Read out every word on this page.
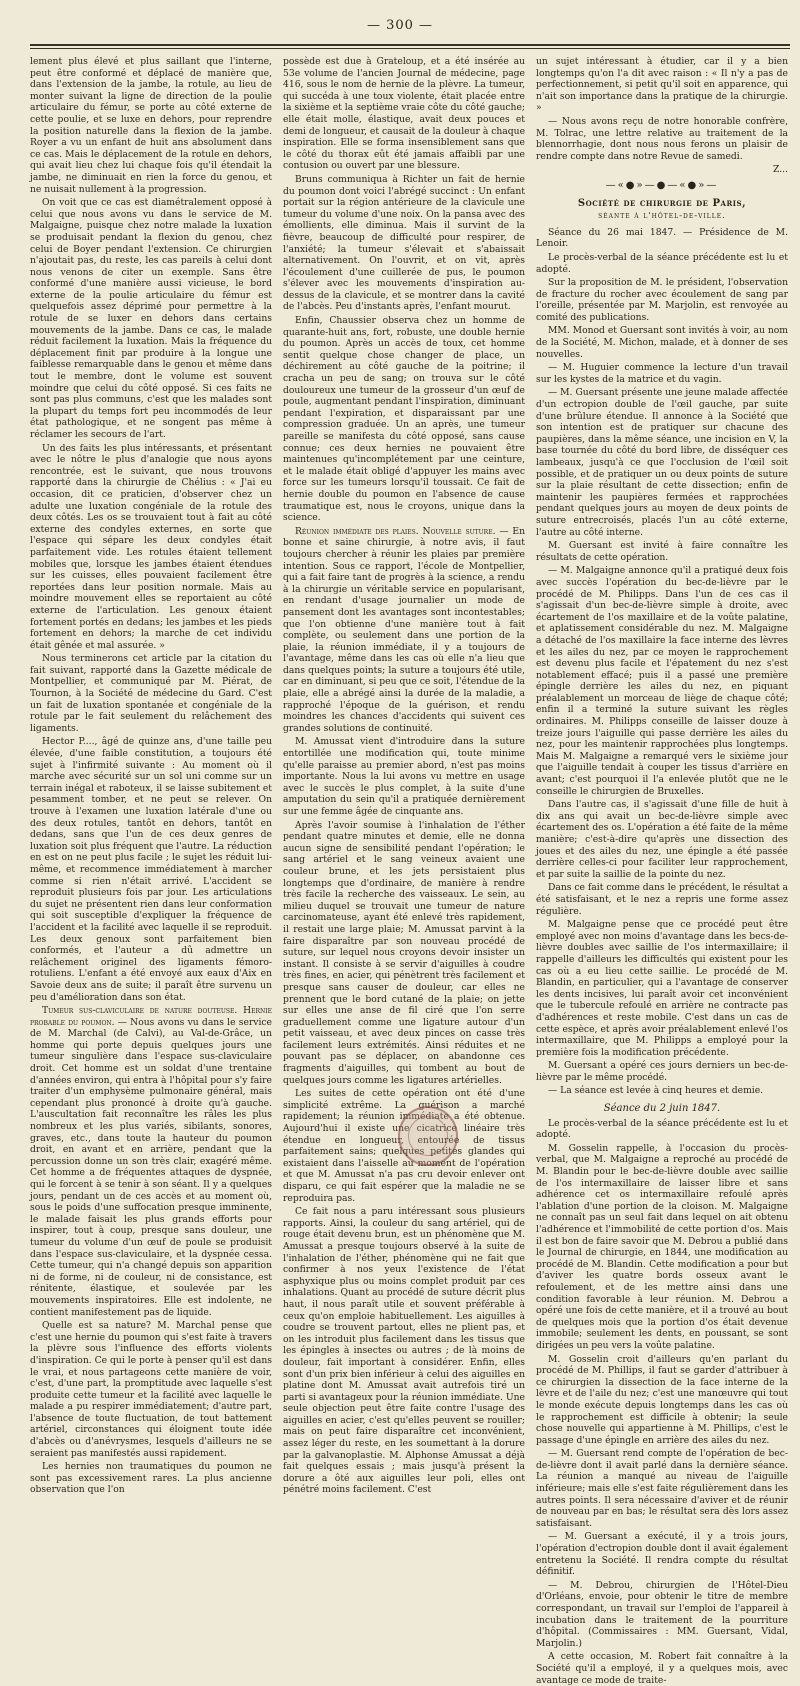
— 300 —

lement plus élevé et plus saillant que l'interne, peut être conformé et déplacé de manière que, dans l'extension de la jambe, la rotule, au lieu de monter suivant la ligne de direction de la poulie articulaire du fémur, se porte au côté externe de cette poulie, et se luxe en dehors, pour reprendre la position naturelle dans la flexion de la jambe. Royer a vu un enfant de huit ans absolument dans ce cas. Mais le déplacement de la rotule en dehors, qui avait lieu chez lui chaque fois qu'il étendait la jambe, ne diminuait en rien la force du genou, et ne nuisait nullement à la progression.

On voit que ce cas est diamétralement opposé à celui que nous avons vu dans le service de M. Malgaigne, puisque chez notre malade la luxation se produisait pendant la flexion du genou, chez celui de Boyer pendant l'extension. Ce chirurgien n'ajoutait pas, du reste, les cas pareils à celui dont nous venons de citer un exemple. Sans être conformé d'une manière aussi vicieuse, le bord externe de la poulie articulaire du fémur est quelquefois assez déprimé pour permettre à la rotule de se luxer en dehors dans certains mouvements de la jambe. Dans ce cas, le malade réduit facilement la luxation. Mais la fréquence du déplacement finit par produire à la longue une faiblesse remarquable dans le genou et même dans tout le membre, dont le volume est souvent moindre que celui du côté opposé. Si ces faits ne sont pas plus communs, c'est que les malades sont la plupart du temps fort peu incommodés de leur état pathologique, et ne songent pas même à réclamer les secours de l'art.

Un des faits les plus intéressants, et présentant avec le nôtre le plus d'analogie que nous ayons rencontrée, est le suivant, que nous trouvons rapporté dans la chirurgie de Chélius : « J'ai eu occasion, dit ce praticien, d'observer chez un adulte une luxation congéniale de la rotule des deux côtés. Les os se trouvaient tout à fait au côté externe des condyles externes, en sorte que l'espace qui sépare les deux condyles était parfaitement vide. Les rotules étaient tellement mobiles que, lorsque les jambes étaient étendues sur les cuisses, elles pouvaient facilement être reportées dans leur position normale. Mais au moindre mouvement elles se reportaient au côté externe de l'articulation. Les genoux étaient fortement portés en dedans; les jambes et les pieds fortement en dehors; la marche de cet individu était gênée et mal assurée. »

Nous terminerons cet article par la citation du fait suivant, rapporté dans la Gazette médicale de Montpellier, et communiqué par M. Piérat, de Tournon, à la Société de médecine du Gard. C'est un fait de luxation spontanée et congéniale de la rotule par le fait seulement du relâchement des ligaments.

Hector P...., âgé de quinze ans, d'une taille peu élevée, d'une faible constitution, a toujours été sujet à l'infirmité suivante : Au moment où il marche avec sécurité sur un sol uni comme sur un terrain inégal et raboteux, il se laisse subitement et pesamment tomber, et ne peut se relever. On trouve à l'examen une luxation latérale d'une ou des deux rotules, tantôt en dehors, tantôt en dedans, sans que l'un de ces deux genres de luxation soit plus fréquent que l'autre. La réduction en est on ne peut plus facile ; le sujet les réduit lui-même, et recommence immédiatement à marcher comme si rien n'était arrivé. L'accident se reproduit plusieurs fois par jour. Les articulations du sujet ne présentent rien dans leur conformation qui soit susceptible d'expliquer la fréquence de l'accident et la facilité avec laquelle il se reproduit. Les deux genoux sont parfaitement bien conformés, et l'auteur a dû admettre un relâchement originel des ligaments fémoro-rotuliens. L'enfant a été envoyé aux eaux d'Aix en Savoie deux ans de suite; il paraît être survenu un peu d'amélioration dans son état.

Tumeur sus-claviculaire de nature douteuse. Hernie probable du poumon. — Nous avons vu dans le service de M. Marchal (de Calvi), au Val-de-Grâce, un homme qui porte depuis quelques jours une tumeur singulière dans l'espace sus-claviculaire droit. Cet homme est un soldat d'une trentaine d'années environ, qui entra à l'hôpital pour s'y faire traiter d'un emphysème pulmonaire général, mais cependant plus prononcé à droite qu'à gauche. L'auscultation fait reconnaître les râles les plus nombreux et les plus variés, sibilants, sonores, graves, etc., dans toute la hauteur du poumon droit, en avant et en arrière, pendant que la percussion donne un son très clair, exagéré même. Cet homme a de fréquentes attaques de dyspnée, qui le forcent à se tenir à son séant. Il y a quelques jours, pendant un de ces accès et au moment où, sous le poids d'une suffocation presque imminente, le malade faisait les plus grands efforts pour inspirer, tout à coup, presque sans douleur, une tumeur du volume d'un œuf de poule se produisit dans l'espace sus-claviculaire, et la dyspnée cessa. Cette tumeur, qui n'a changé depuis son apparition ni de forme, ni de couleur, ni de consistance, est rénitente, élastique, et soulevée par les mouvements inspiratoires. Elle est indolente, ne contient manifestement pas de liquide.

Quelle est sa nature? M. Marchal pense que c'est une hernie du poumon qui s'est faite à travers la plèvre sous l'influence des efforts violents d'inspiration. Ce qui le porte à penser qu'il est dans le vrai, et nous partageons cette manière de voir, c'est, d'une part, la promptitude avec laquelle s'est produite cette tumeur et la facilité avec laquelle le malade a pu respirer immédiatement; d'autre part, l'absence de toute fluctuation, de tout battement artériel, circonstances qui éloignent toute idée d'abcès ou d'anévrysmes, lesquels d'ailleurs ne se seraient pas manifestés aussi rapidement.

Les hernies non traumatiques du poumon ne sont pas excessivement rares. La plus ancienne observation que l'on

possède est due à Grateloup, et a été insérée au 53e volume de l'ancien Journal de médecine, page 416, sous le nom de hernie de la plèvre. La tumeur, qui succéda à une toux violente, était placée entre la sixième et la septième vraie côte du côté gauche; elle était molle, élastique, avait deux pouces et demi de longueur, et causait de la douleur à chaque inspiration. Elle se forma insensiblement sans que le côté du thorax eût été jamais affaibli par une contusion ou ouvert par une blessure.

Bruns communiqua à Richter un fait de hernie du poumon dont voici l'abrégé succinct : Un enfant portait sur la région antérieure de la clavicule une tumeur du volume d'une noix. On la pansa avec des émollients, elle diminua. Mais il survint de la fièvre, beaucoup de difficulté pour respirer, de l'anxiété; la tumeur s'élevait et s'abaissait alternativement. On l'ouvrit, et on vit, après l'écoulement d'une cuillerée de pus, le poumon s'élever avec les mouvements d'inspiration au-dessus de la clavicule, et se montrer dans la cavité de l'abcès. Peu d'instants après, l'enfant mourut.

Enfin, Chaussier observa chez un homme de quarante-huit ans, fort, robuste, une double hernie du poumon. Après un accès de toux, cet homme sentit quelque chose changer de place, un déchirement au côté gauche de la poitrine; il cracha un peu de sang; on trouva sur le côté douloureux une tumeur de la grosseur d'un œuf de poule, augmentant pendant l'inspiration, diminuant pendant l'expiration, et disparaissant par une compression graduée. Un an après, une tumeur pareille se manifesta du côté opposé, sans cause connue; ces deux hernies ne pouvaient être maintenues qu'incomplétement par une ceinture, et le malade était obligé d'appuyer les mains avec force sur les tumeurs lorsqu'il toussait. Ce fait de hernie double du poumon en l'absence de cause traumatique est, nous le croyons, unique dans la science.

Réunion immédiate des plaies. Nouvelle suture. — En bonne et saine chirurgie, à notre avis, il faut toujours chercher à réunir les plaies par première intention. Sous ce rapport, l'école de Montpellier, qui a fait faire tant de progrès à la science, a rendu à la chirurgie un véritable service en popularisant, en rendant d'usage journalier un mode de pansement dont les avantages sont incontestables; que l'on obtienne d'une manière tout à fait complète, ou seulement dans une portion de la plaie, la réunion immédiate, il y a toujours de l'avantage, même dans les cas où elle n'a lieu que dans quelques points; la suture a toujours été utile, car en diminuant, si peu que ce soit, l'étendue de la plaie, elle a abrégé ainsi la durée de la maladie, a rapproché l'époque de la guérison, et rendu moindres les chances d'accidents qui suivent ces grandes solutions de continuité.

M. Amussat vient d'introduire dans la suture entortillée une modification qui, toute minime qu'elle paraisse au premier abord, n'est pas moins importante. Nous la lui avons vu mettre en usage avec le succès le plus complet, à la suite d'une amputation du sein qu'il a pratiquée dernièrement sur une femme âgée de cinquante ans.

Après l'avoir soumise à l'inhalation de l'éther pendant quatre minutes et demie, elle ne donna aucun signe de sensibilité pendant l'opération; le sang artériel et le sang veineux avaient une couleur brune, et les jets persistaient plus longtemps que d'ordinaire, de manière à rendre très facile la recherche des vaisseaux. Le sein, au milieu duquel se trouvait une tumeur de nature carcinomateuse, ayant été enlevé très rapidement, il restait une large plaie; M. Amussat parvint à la faire disparaître par son nouveau procédé de suture, sur lequel nous croyons devoir insister un instant. Il consiste à se servir d'aiguilles à coudre très fines, en acier, qui pénètrent très facilement et presque sans causer de douleur, car elles ne prennent que le bord cutané de la plaie; on jette sur elles une anse de fil ciré que l'on serre graduellement comme une ligature autour d'un petit vaisseau, et avec deux pinces on casse très facilement leurs extrémités. Ainsi réduites et ne pouvant pas se déplacer, on abandonne ces fragments d'aiguilles, qui tombent au bout de quelques jours comme les ligatures artérielles.

Les suites de cette opération ont été d'une simplicité extrême. La guérison a marché rapidement; la réunion immédiate a été obtenue. Aujourd'hui il existe une cicatrice linéaire très étendue en longueur, entourée de tissus parfaitement sains; quelques petites glandes qui existaient dans l'aisselle au moment de l'opération et que M. Amussat n'a pas cru devoir enlever ont disparu, ce qui fait espérer que la maladie ne se reproduira pas.

Ce fait nous a paru intéressant sous plusieurs rapports. Ainsi, la couleur du sang artériel, qui de rouge était devenu brun, est un phénomène que M. Amussat a presque toujours observé à la suite de l'inhalation de l'éther, phénomène qui ne fait que confirmer à nos yeux l'existence de l'état asphyxique plus ou moins complet produit par ces inhalations. Quant au procédé de suture décrit plus haut, il nous paraît utile et souvent préférable à ceux qu'on emploie habituellement. Les aiguilles à coudre se trouvent partout, elles ne plient pas, et on les introduit plus facilement dans les tissus que les épingles à insectes ou autres ; de là moins de douleur, fait important à considérer. Enfin, elles sont d'un prix bien inférieur à celui des aiguilles en platine dont M. Amussat avait autrefois tiré un parti si avantageux pour la réunion immédiate. Une seule objection peut être faite contre l'usage des aiguilles en acier, c'est qu'elles peuvent se rouiller; mais on peut faire disparaître cet inconvénient, assez léger du reste, en les soumettant à la dorure par la galvanoplastie. M. Alphonse Amussat a déjà fait quelques essais ; mais jusqu'à présent la dorure a ôté aux aiguilles leur poli, elles ont pénétré moins facilement. C'est

un sujet intéressant à étudier, car il y a bien longtemps qu'on l'a dit avec raison : « Il n'y a pas de perfectionnement, si petit qu'il soit en apparence, qui n'ait son importance dans la pratique de la chirurgie. »

— Nous avons reçu de notre honorable confrère, M. Tolrac, une lettre relative au traitement de la blennorrhagie, dont nous nous ferons un plaisir de rendre compte dans notre Revue de samedi.

Z...

—«●»—●—«●»—
Société de chirurgie de Paris,
séante à l'hôtel-de-ville.

Séance du 26 mai 1847. — Présidence de M. Lenoir.

Le procès-verbal de la séance précédente est lu et adopté.

Sur la proposition de M. le président, l'observation de fracture du rocher avec écoulement de sang par l'oreille, présentée par M. Marjolin, est renvoyée au comité des publications.

MM. Monod et Guersant sont invités à voir, au nom de la Société, M. Michon, malade, et à donner de ses nouvelles.

— M. Huguier commence la lecture d'un travail sur les kystes de la matrice et du vagin.

— M. Guersant présente une jeune malade affectée d'un ectropion double de l'œil gauche, par suite d'une brûlure étendue. Il annonce à la Société que son intention est de pratiquer sur chacune des paupières, dans la même séance, une incision en V, la base tournée du côté du bord libre, de disséquer ces lambeaux, jusqu'à ce que l'occlusion de l'œil soit possible, et de pratiquer un ou deux points de suture sur la plaie résultant de cette dissection; enfin de maintenir les paupières fermées et rapprochées pendant quelques jours au moyen de deux points de suture entrecroisés, placés l'un au côté externe, l'autre au côté interne.

M. Guersant est invité à faire connaître les résultats de cette opération.

— M. Malgaigne annonce qu'il a pratiqué deux fois avec succès l'opération du bec-de-lièvre par le procédé de M. Philipps. Dans l'un de ces cas il s'agissait d'un bec-de-lièvre simple à droite, avec écartement de l'os maxillaire et de la voûte palatine, et aplatissement considérable du nez. M. Malgaigne a détaché de l'os maxillaire la face interne des lèvres et les ailes du nez, par ce moyen le rapprochement est devenu plus facile et l'épatement du nez s'est notablement effacé; puis il a passé une première épingle derrière les ailes du nez, en piquant préalablement un morceau de liège de chaque côté; enfin il a terminé la suture suivant les règles ordinaires. M. Philipps conseille de laisser douze à treize jours l'aiguille qui passe derrière les ailes du nez, pour les maintenir rapprochées plus longtemps. Mais M. Malgaigne a remarqué vers le sixième jour que l'aiguille tendait à couper les tissus d'arrière en avant; c'est pourquoi il l'a enlevée plutôt que ne le conseille le chirurgien de Bruxelles.

Dans l'autre cas, il s'agissait d'une fille de huit à dix ans qui avait un bec-de-lièvre simple avec écartement des os. L'opération a été faite de la même manière; c'est-à-dire qu'après une dissection des joues et des ailes du nez, une épingle a été passée derrière celles-ci pour faciliter leur rapprochement, et par suite la saillie de la pointe du nez.

Dans ce fait comme dans le précédent, le résultat a été satisfaisant, et le nez a repris une forme assez régulière.

M. Malgaigne pense que ce procédé peut être employé avec non moins d'avantage dans les becs-de-lièvre doubles avec saillie de l'os intermaxillaire; il rappelle d'ailleurs les difficultés qui existent pour les cas où a eu lieu cette saillie. Le procédé de M. Blandin, en particulier, qui a l'avantage de conserver les dents incisives, lui paraît avoir cet inconvénient que le tubercule refoulé en arrière ne contracte pas d'adhérences et reste mobile. C'est dans un cas de cette espèce, et après avoir préalablement enlevé l'os intermaxillaire, que M. Philipps a employé pour la première fois la modification précédente.

M. Guersant a opéré ces jours derniers un bec-de-lièvre par le même procédé.

— La séance est levée à cinq heures et demie.

Séance du 2 juin 1847.

Le procès-verbal de la séance précédente est lu et adopté.

M. Gosselin rappelle, à l'occasion du procès-verbal, que M. Malgaigne a reproché au procédé de M. Blandin pour le bec-de-lièvre double avec saillie de l'os intermaxillaire de laisser libre et sans adhérence cet os intermaxillaire refoulé après l'ablation d'une portion de la cloison. M. Malgaigne ne connaît pas un seul fait dans lequel on ait obtenu l'adhérence et l'immobilité de cette portion d'os. Mais il est bon de faire savoir que M. Debrou a publié dans le Journal de chirurgie, en 1844, une modification au procédé de M. Blandin. Cette modification a pour but d'aviver les quatre bords osseux avant le refoulement, et de les mettre ainsi dans une condition favorable à leur réunion. M. Debrou a opéré une fois de cette manière, et il a trouvé au bout de quelques mois que la portion d'os était devenue immobile; seulement les dents, en poussant, se sont dirigées un peu vers la voûte palatine.

M. Gosselin croit d'ailleurs qu'en parlant du procédé de M. Phillips, il faut se garder d'attribuer à ce chirurgien la dissection de la face interne de la lèvre et de l'aile du nez; c'est une manœuvre qui tout le monde exécute depuis longtemps dans les cas où le rapprochement est difficile à obtenir; la seule chose nouvelle qui appartienne à M. Phillips, c'est le passage d'une épingle en arrière des ailes du nez.

— M. Guersant rend compte de l'opération de bec-de-lièvre dont il avait parlé dans la dernière séance. La réunion a manqué au niveau de l'aiguille inférieure; mais elle s'est faite régulièrement dans les autres points. Il sera nécessaire d'aviver et de réunir de nouveau par en bas; le résultat sera dès lors assez satisfaisant.

— M. Guersant a exécuté, il y a trois jours, l'opération d'ectropion double dont il avait également entretenu la Société. Il rendra compte du résultat définitif.

— M. Debrou, chirurgien de l'Hôtel-Dieu d'Orléans, envoie, pour obtenir le titre de membre correspondant, un travail sur l'emploi de l'appareil à incubation dans le traitement de la pourriture d'hôpital. (Commissaires : MM. Guersant, Vidal, Marjolin.)

A cette occasion, M. Robert fait connaître à la Société qu'il a employé, il y a quelques mois, avec avantage ce mode de traite-
